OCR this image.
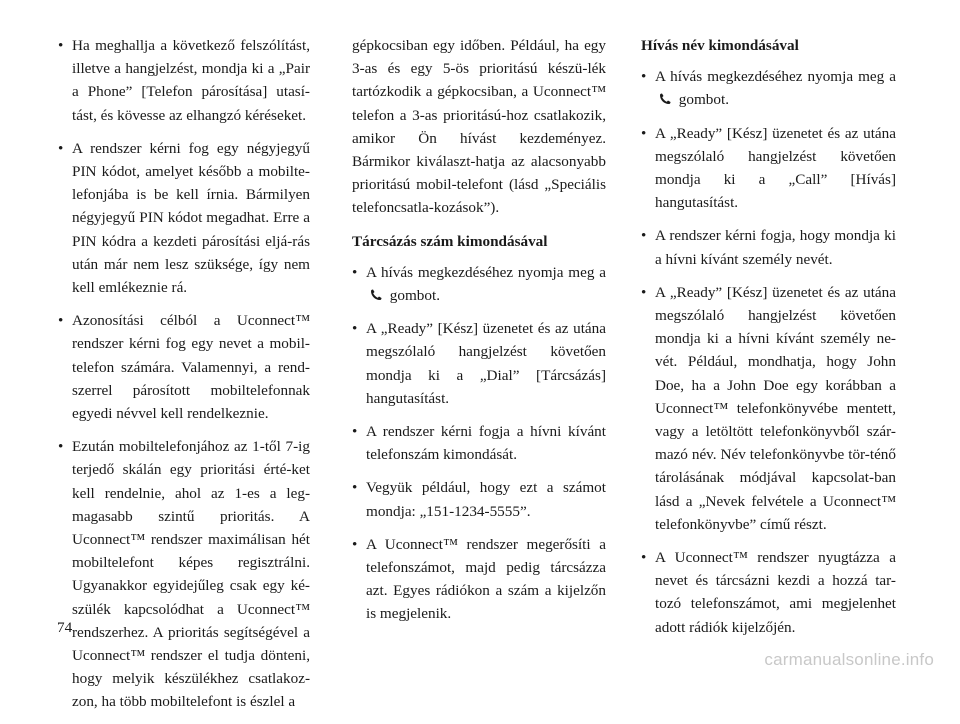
• Ha meghallja a következő felszólítást, illetve a hangjelzést, mondja ki a „Pair a Phone” [Telefon párosítása] utasí-tást, és kövesse az elhangzó kéréseket.
• A rendszer kérni fog egy négyjegyű PIN kódot, amelyet később a mobilte-lefonjába is be kell írnia. Bármilyen négyjegyű PIN kódot megadhat. Erre a PIN kódra a kezdeti párosítási eljá-rás után már nem lesz szüksége, így nem kell emlékeznie rá.
• Azonosítási célból a Uconnect™ rendszer kérni fog egy nevet a mobil-telefon számára. Valamennyi, a rend-szerrel párosított mobiltelefonnak egyedi névvel kell rendelkeznie.
• Ezután mobiltelefonjához az 1-től 7-ig terjedő skálán egy prioritási érté-ket kell rendelnie, ahol az 1-es a leg-magasabb szintű prioritás. A Uconnect™ rendszer maximálisan hét mobiltelefont képes regisztrálni. Ugyanakkor egyidejűleg csak egy ké-szülék kapcsolódhat a Uconnect™ rendszerhez. A prioritás segítségével a Uconnect™ rendszer el tudja dönteni, hogy melyik készülékhez csatlakoz-zon, ha több mobiltelefont is észlel a
gépkocsiban egy időben. Például, ha egy 3-as és egy 5-ös prioritású készü-lék tartózkodik a gépkocsiban, a Uconnect™ telefon a 3-as prioritású-hoz csatlakozik, amikor Ön hívást kezdeményez. Bármikor kiválaszt-hatja az alacsonyabb prioritású mobil-telefont (lásd „Speciális telefoncsatla-kozások”).
Tárcsázás szám kimondásával
• A hívás megkezdéséhez nyomja meg a  gombot.
• A „Ready” [Kész] üzenetet és az utána megszólaló hangjelzést követően mondja ki a „Dial” [Tárcsázás] hangutasítást.
• A rendszer kérni fogja a hívni kívánt telefonszám kimondását.
• Vegyük például, hogy ezt a számot mondja: „151-1234-5555”.
• A Uconnect™ rendszer megerősíti a telefonszámot, majd pedig tárcsázza azt. Egyes rádiókon a szám a kijelzőn is megjelenik.
Hívás név kimondásával
• A hívás megkezdéséhez nyomja meg a  gombot.
• A „Ready” [Kész] üzenetet és az utána megszólaló hangjelzést követően mondja ki a „Call” [Hívás] hangutasítást.
• A rendszer kérni fogja, hogy mondja ki a hívni kívánt személy nevét.
• A „Ready” [Kész] üzenetet és az utána megszólaló hangjelzést követően mondja ki a hívni kívánt személy ne-vét. Például, mondhatja, hogy John Doe, ha a John Doe egy korábban a Uconnect™ telefonkönyvébe mentett, vagy a letöltött telefonkönyvből szár-mazó név. Név telefonkönyvbe tör-ténő tárolásának módjával kapcsolat-ban lásd a „Nevek felvétele a Uconnect™ telefonkönyvbe” című részt.
• A Uconnect™ rendszer nyugtázza a nevet és tárcsázni kezdi a hozzá tar-tozó telefonszámot, ami megjelenhet adott rádiók kijelzőjén.
74
carmanualsonline.info
